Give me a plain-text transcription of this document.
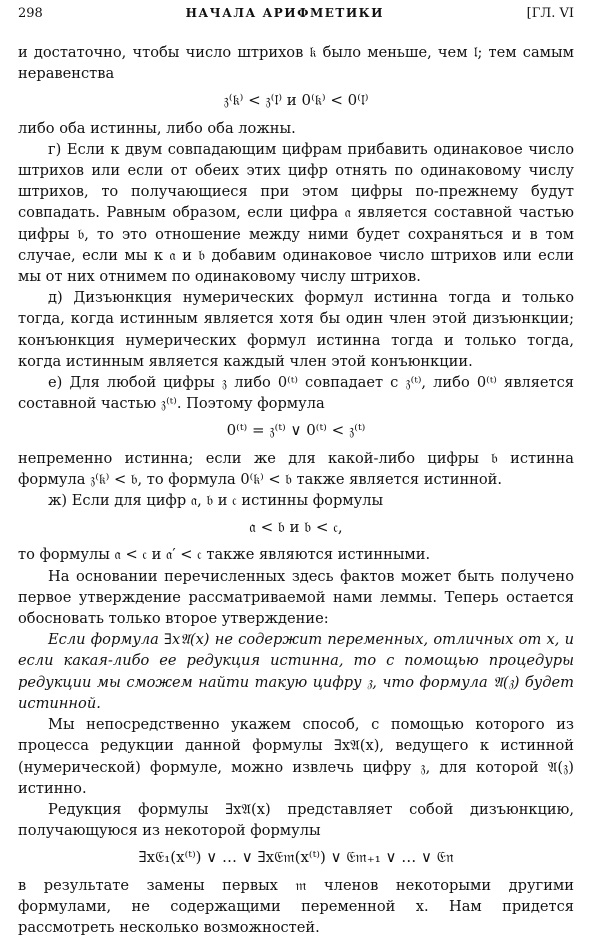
298	НАЧАЛА АРИФМЕТИКИ	[ГЛ. VI

и достаточно, чтобы число штрихов 𝔨 было меньше, чем 𝔩; тем самым неравенства

𝔷⁽𝔨⁾ < 𝔷⁽𝔩⁾ и 0⁽𝔨⁾ < 0⁽𝔩⁾

либо оба истинны, либо оба ложны.

г) Если к двум совпадающим цифрам прибавить одинаковое число штрихов или если от обеих этих цифр отнять по одинаковому числу штрихов, то получающиеся при этом цифры по-прежнему будут совпадать. Равным образом, если цифра 𝔞 является составной частью цифры 𝔟, то это отношение между ними будет сохраняться и в том случае, если мы к 𝔞 и 𝔟 добавим одинаковое число штрихов или если мы от них отнимем по одинаковому числу штрихов.

д) Дизъюнкция нумерических формул истинна тогда и только тогда, когда истинным является хотя бы один член этой дизъюнкции; конъюнкция нумерических формул истинна тогда и только тогда, когда истинным является каждый член этой конъюнкции.

е) Для любой цифры 𝔷 либо 0⁽ᵗ⁾ совпадает с 𝔷⁽ᵗ⁾, либо 0⁽ᵗ⁾ является составной частью 𝔷⁽ᵗ⁾. Поэтому формула

0⁽ᵗ⁾ = 𝔷⁽ᵗ⁾ ∨ 0⁽ᵗ⁾ < 𝔷⁽ᵗ⁾

непременно истинна; если же для какой-либо цифры 𝔟 истинна формула 𝔷⁽𝔨⁾ < 𝔟, то формула 0⁽𝔨⁾ < 𝔟 также является истинной.

ж) Если для цифр 𝔞, 𝔟 и 𝔠 истинны формулы

𝔞 < 𝔟 и 𝔟 < 𝔠,

то формулы 𝔞 < 𝔠 и 𝔞′ < 𝔠 также являются истинными.

На основании перечисленных здесь фактов может быть получено первое утверждение рассматриваемой нами леммы. Теперь остается обосновать только второе утверждение:

Если формула ∃x𝔄(x) не содержит переменных, отличных от x, и если какая-либо ее редукция истинна, то с помощью процедуры редукции мы сможем найти такую цифру 𝔷, что формула 𝔄(𝔷) будет истинной.

Мы непосредственно укажем способ, с помощью которого из процесса редукции данной формулы ∃x𝔄(x), ведущего к истинной (нумерической) формуле, можно извлечь цифру 𝔷, для которой 𝔄(𝔷) истинно.

Редукция формулы ∃x𝔄(x) представляет собой дизъюнкцию, получающуюся из некоторой формулы

∃x𝔈₁(x⁽ᵗ⁾) ∨ … ∨ ∃x𝔈𝔪(x⁽ᵗ⁾) ∨ 𝔈𝔪₊₁ ∨ … ∨ 𝔈𝔫

в результате замены первых 𝔪 членов некоторыми другими формулами, не содержащими переменной x. Нам придется рассмотреть несколько возможностей.
